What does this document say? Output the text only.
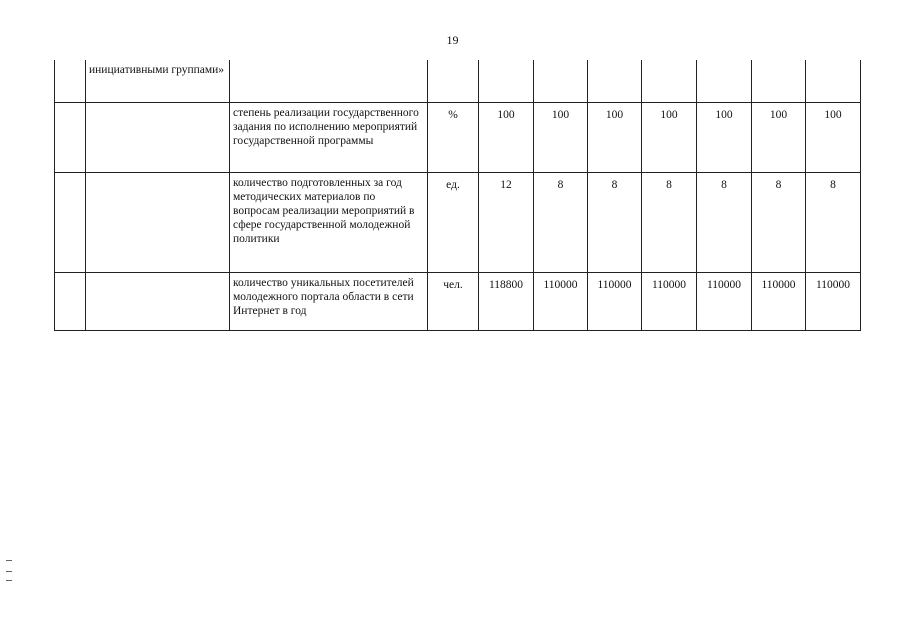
19
	инициативными группами»									
		степень реализации государственного задания по исполнению мероприятий государственной программы	%	100	100	100	100	100	100	100
		количество подготовленных за год методических материалов по вопросам реализации мероприятий в сфере государственной молодежной политики	ед.	12	8	8	8	8	8	8
		количество уникальных посетителей молодежного портала области в сети Интернет в год	чел.	118800	110000	110000	110000	110000	110000	110000
